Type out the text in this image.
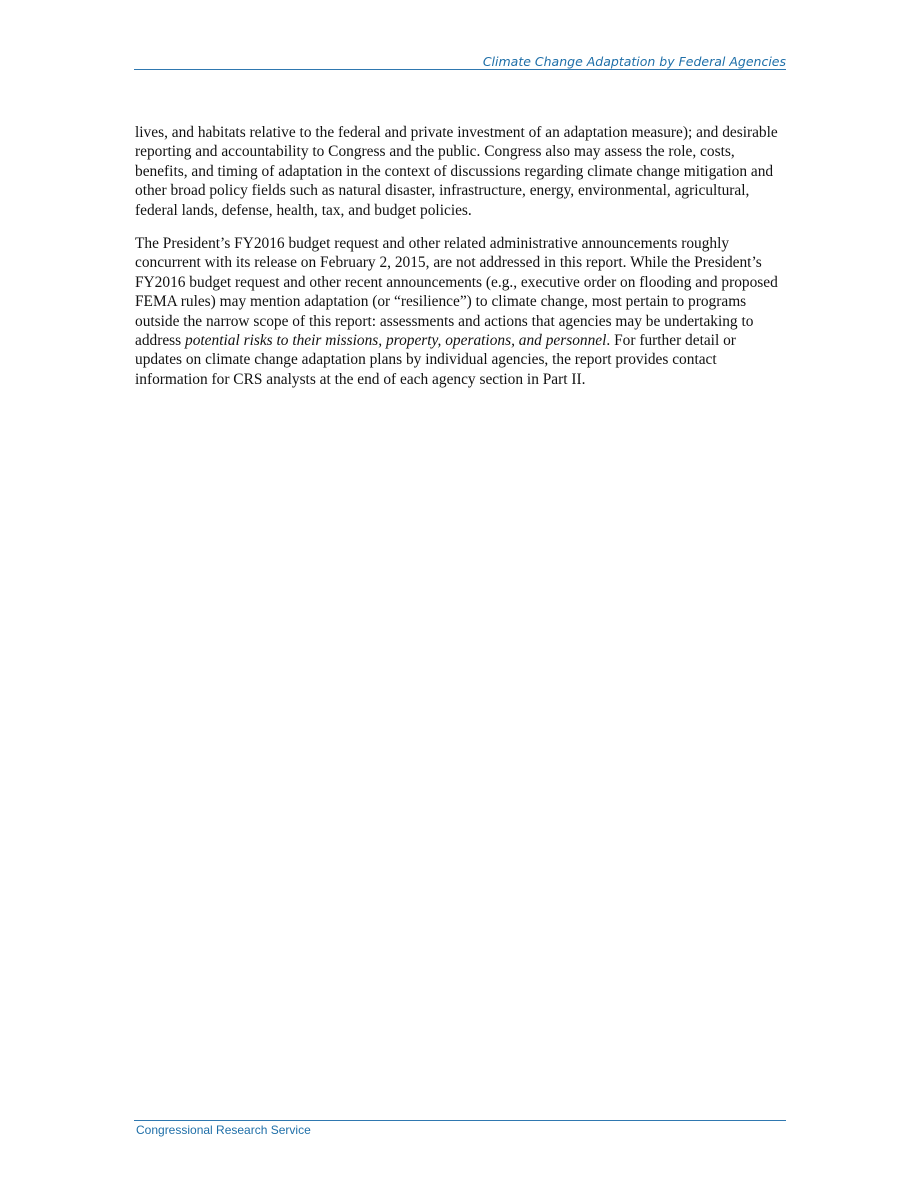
Climate Change Adaptation by Federal Agencies

lives, and habitats relative to the federal and private investment of an adaptation measure); and desirable reporting and accountability to Congress and the public. Congress also may assess the role, costs, benefits, and timing of adaptation in the context of discussions regarding climate change mitigation and other broad policy fields such as natural disaster, infrastructure, energy, environmental, agricultural, federal lands, defense, health, tax, and budget policies.

The President’s FY2016 budget request and other related administrative announcements roughly concurrent with its release on February 2, 2015, are not addressed in this report. While the President’s FY2016 budget request and other recent announcements (e.g., executive order on flooding and proposed FEMA rules) may mention adaptation (or “resilience”) to climate change, most pertain to programs outside the narrow scope of this report: assessments and actions that agencies may be undertaking to address potential risks to their missions, property, operations, and personnel. For further detail or updates on climate change adaptation plans by individual agencies, the report provides contact information for CRS analysts at the end of each agency section in Part II.

Congressional Research Service
